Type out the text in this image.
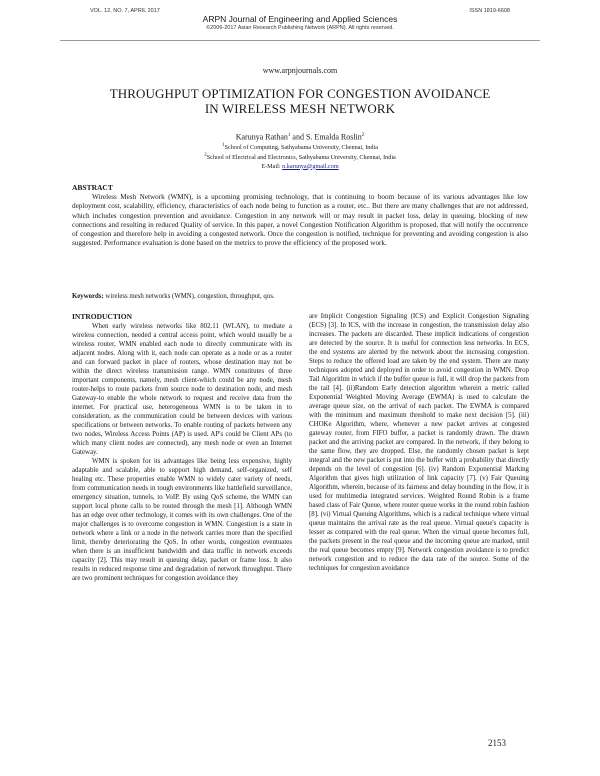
VOL. 12, NO. 7, APRIL 2017	ISSN 1819-6608
ARPN Journal of Engineering and Applied Sciences
©2006-2017 Asian Research Publishing Network (ARPN). All rights reserved.
www.arpnjournals.com
THROUGHPUT OPTIMIZATION FOR CONGESTION AVOIDANCE
IN WIRELESS MESH NETWORK
Karunya Rathan$^1$ and S. Emalda Roslin$^2$
$^1$School of Computing, Sathyabama University, Chennai, India
$^2$School of Electrical and Electronics, Sathyabama University, Chennai, India
E-Mail: n.karunya@gmail.com
ABSTRACT

Wireless Mesh Network (WMN), is a upcoming promising technology, that is continuing to boom because of its various advantages like low deployment cost, scalability, efficiency, characteristics of each node being to function as a router, etc.. But there are many challenges that are not addressed, which includes congestion prevention and avoidance. Congestion in any network will or may result in packet loss, delay in queuing, blocking of new connections and resulting in reduced Quality of service. In this paper, a novel Congestion Notification Algorithm is proposed, that will notify the occurrence of congestion and therefore help in avoiding a congested network. Once the congestion is notified, technique for preventing and avoiding congestion is also suggested. Performance evaluation is done based on the metrics to prove the efficiency of the proposed work.

Keywords: wireless mesh networks (WMN), congestion, throughput, qos.
INTRODUCTION

When early wireless networks like 802.11 (WLAN), to mediate a wireless connection, needed a central access point, which would usually be a wireless router, WMN enabled each node to directly communicate with its adjacent nodes. Along with it, each node can operate as a node or as a router and can forward packet in place of routers, whose destination may not be within the direct wireless transmission range. WMN constitutes of three important components, namely, mesh client-which could be any node, mesh router-helps to route packets from source node to destination node, and mesh Gateway-to enable the whole network to request and receive data from the internet. For practical use, heterogeneous WMN is to be taken in to consideration, as the communication could be between devices with various specifications or between networks. To enable routing of packets between any two nodes, Wireless Access Points (AP) is used. AP's could be Client APs (to which many client nodes are connected), any mesh node or even an Internet Gateway.

WMN is spoken for its advantages like being less expensive, highly adaptable and scalable, able to support high demand, self-organized, self healing etc. These properties enable WMN to widely cater variety of needs, from communication needs in tough environments like battlefield surveillance, emergency situation, tunnels, to VoIP. By using QoS scheme, the WMN can support local phone calls to be routed through the mesh [1]. Although WMN has an edge over other technology, it comes with its own challenges. One of the major challenges is to overcome congestion in WMN. Congestion is a state in network where a link or a node in the network carries more than the specified limit, thereby deteriorating the QoS. In other words, congestion eventuates when there is an insufficient bandwidth and data traffic in network exceeds capacity [2]. This may result in queuing delay, packet or frame loss. It also results in reduced response time and degradation of network throughput. There are two prominent techniques for congestion avoidance they

are Implicit Congestion Signaling (ICS) and Explicit Congestion Signaling (ECS) [3]. In ICS, with the increase in congestion, the transmission delay also increases. The packets are discarded. These implicit indications of congestion are detected by the source. It is useful for connection less networks. In ECS, the end systems are alerted by the network about the increasing congestion. Steps to reduce the offered load are taken by the end system. There are many techniques adopted and deployed in order to avoid congestion in WMN. Drop Tail Algorithm in which if the buffer queue is full, it will drop the packets from the tail [4]. (ii)Random Early detection algorithm wherein a metric called Exponential Weighted Moving Average (EWMA) is used to calculate the average queue size, on the arrival of each packet. The EWMA is compared with the minimum and maximum threshold to make next decision [5]. (iii) CHOKe Algorithm, where, whenever a new packet arrives at congested gateway router, from FIFO buffer, a packet is randomly drawn. The drawn packet and the arriving packet are compared. In the network, if they belong to the same flow, they are dropped. Else, the randomly chosen packet is kept integral and the new packet is put into the buffer with a probability that directly depends on the level of congestion [6]. (iv) Random Exponential Marking Algorithm that gives high utilization of link capacity [7]. (v) Fair Queuing Algorithm, wherein, because of its fairness and delay bounding in the flow, it is used for multimedia integrated services. Weighted Round Robin is a frame based class of Fair Queue, where router queue works in the round robin fashion [8]. (vi) Virtual Queuing Algorithms, which is a radical technique where virtual queue maintains the arrival rate as the real queue. Virtual queue's capacity is lesser as compared with the real queue. When the virtual queue becomes full, the packets present in the real queue and the incoming queue are marked, until the real queue becomes empty [9]. Network congestion avoidance is to predict network congestion and to reduce the data rate of the source. Some of the techniques for congestion avoidance

2153
